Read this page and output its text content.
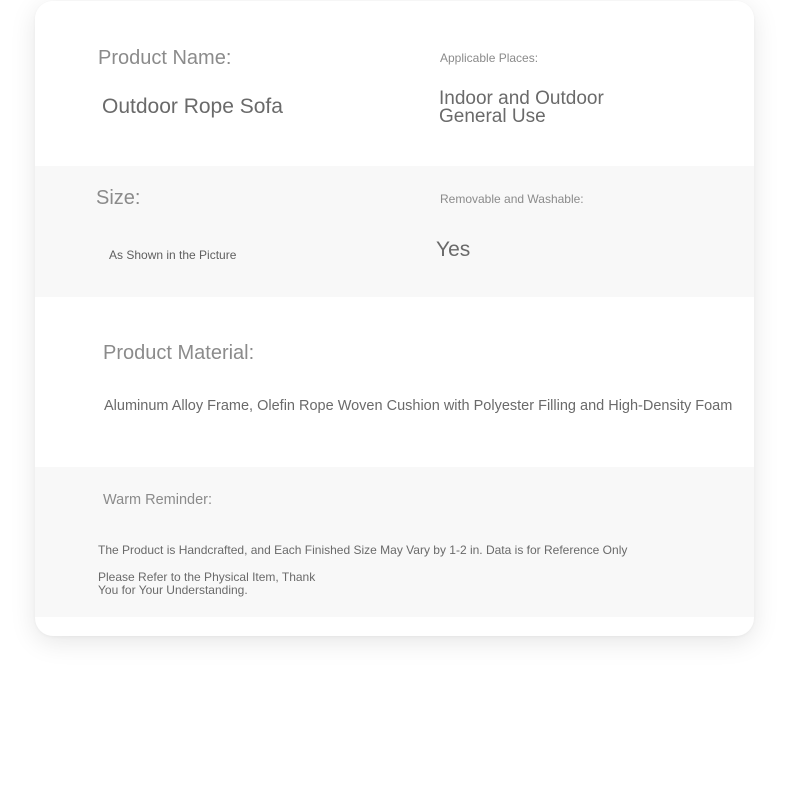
Product Name:

Outdoor Rope Sofa

Applicable Places:

Indoor and Outdoor General Use

Size:

As Shown in the Picture

Removable and Washable:

Yes

Product Material:

Aluminum Alloy Frame, Olefin Rope Woven Cushion with Polyester Filling and High-Density Foam

Warm Reminder:

The Product is Handcrafted, and Each Finished Size May Vary by 1-2 in. Data is for Reference Only

Please Refer to the Physical Item, Thank You for Your Understanding.
